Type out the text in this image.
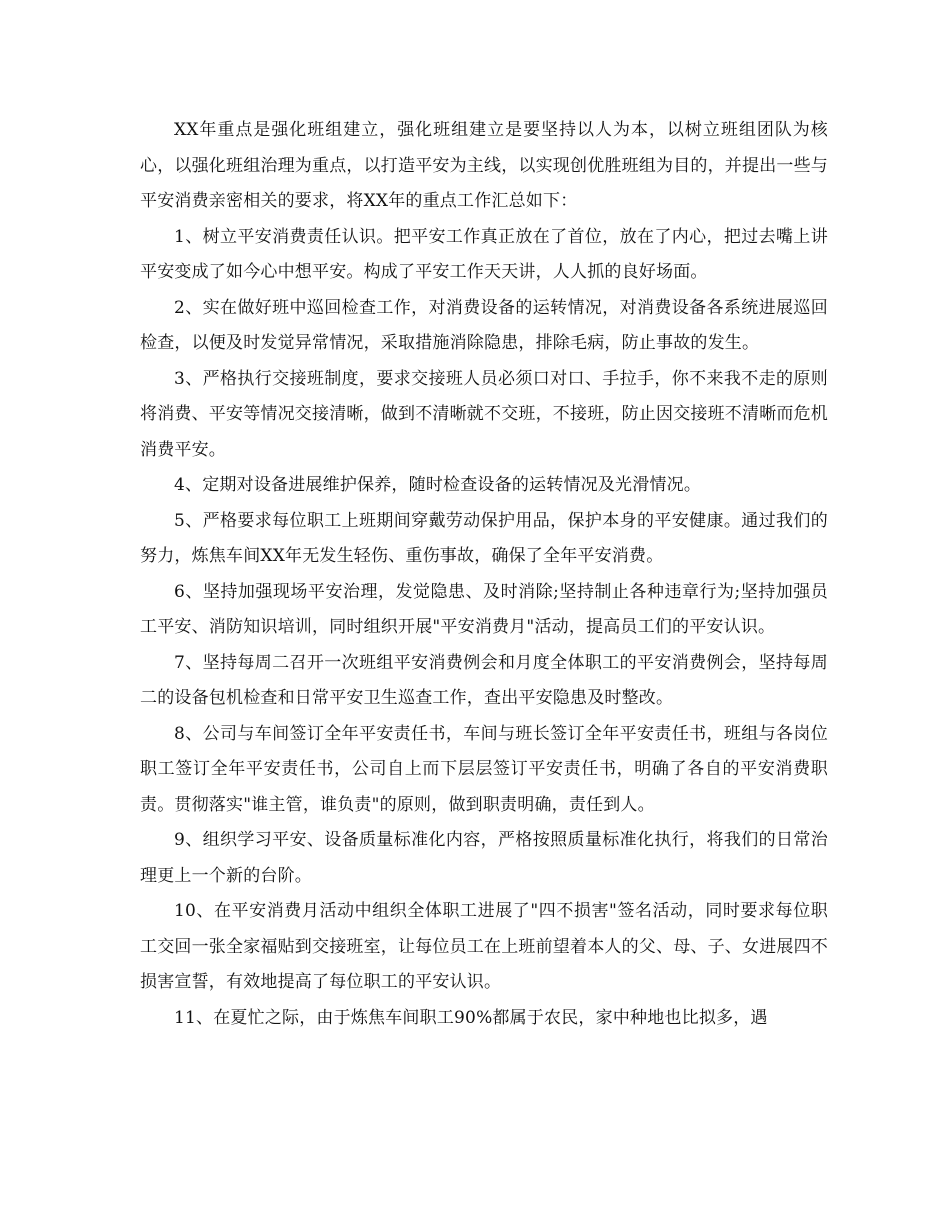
XX年重点是强化班组建立，强化班组建立是要坚持以人为本，以树立班组团队为核心，以强化班组治理为重点，以打造平安为主线，以实现创优胜班组为目的，并提出一些与平安消费亲密相关的要求，将XX年的重点工作汇总如下：

1、树立平安消费责任认识。把平安工作真正放在了首位，放在了内心，把过去嘴上讲平安变成了如今心中想平安。构成了平安工作天天讲，人人抓的良好场面。

2、实在做好班中巡回检查工作，对消费设备的运转情况，对消费设备各系统进展巡回检查，以便及时发觉异常情况，采取措施消除隐患，排除毛病，防止事故的发生。

3、严格执行交接班制度，要求交接班人员必须口对口、手拉手，你不来我不走的原则将消费、平安等情况交接清晰，做到不清晰就不交班，不接班，防止因交接班不清晰而危机消费平安。

4、定期对设备进展维护保养，随时检查设备的运转情况及光滑情况。

5、严格要求每位职工上班期间穿戴劳动保护用品，保护本身的平安健康。通过我们的努力，炼焦车间XX年无发生轻伤、重伤事故，确保了全年平安消费。

6、坚持加强现场平安治理，发觉隐患、及时消除;坚持制止各种违章行为;坚持加强员工平安、消防知识培训，同时组织开展"平安消费月"活动，提高员工们的平安认识。

7、坚持每周二召开一次班组平安消费例会和月度全体职工的平安消费例会，坚持每周二的设备包机检查和日常平安卫生巡查工作，查出平安隐患及时整改。

8、公司与车间签订全年平安责任书，车间与班长签订全年平安责任书，班组与各岗位职工签订全年平安责任书，公司自上而下层层签订平安责任书，明确了各自的平安消费职责。贯彻落实"谁主管，谁负责"的原则，做到职责明确，责任到人。

9、组织学习平安、设备质量标准化内容，严格按照质量标准化执行，将我们的日常治理更上一个新的台阶。

10、在平安消费月活动中组织全体职工进展了"四不损害"签名活动，同时要求每位职工交回一张全家福贴到交接班室，让每位员工在上班前望着本人的父、母、子、女进展四不损害宣誓，有效地提高了每位职工的平安认识。

11、在夏忙之际，由于炼焦车间职工90%都属于农民，家中种地也比拟多，遇
